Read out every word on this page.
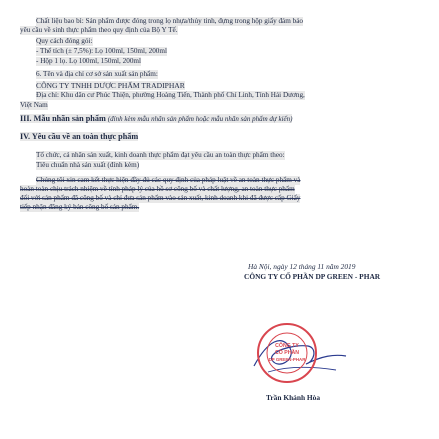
Chất liệu bao bì: Sản phẩm được đóng trong lọ nhựa/thủy tinh, đựng trong hộp giấy đảm bảo
yêu cầu về sinh thực phẩm theo quy định của Bộ Y Tế.
Quy cách đóng gói:
- Thể tích (± 7,5%): Lọ 100ml, 150ml, 200ml
- Hộp 1 lọ. Lọ 100ml, 150ml, 200ml
6. Tên và địa chỉ cơ sở sản xuất sản phẩm:
CÔNG TY TNHH DƯỢC PHẨM TRADIPHAR
Địa chỉ: Khu dân cư Phúc Thiện, phường Hoàng Tiến, Thành phố Chí Linh, Tỉnh Hải Dương,
Việt Nam
III. Mẫu nhãn sản phẩm (đính kèm mẫu nhãn sản phẩm hoặc mẫu nhãn sản phẩm dự kiến)
IV. Yêu cầu về an toàn thực phẩm
Tổ chức, cá nhân sản xuất, kinh doanh thực phẩm đạt yêu cầu an toàn thực phẩm theo:
Tiêu chuẩn nhà sản xuất (đính kèm)
Chúng tôi xin cam kết thực hiện đầy đủ các quy định của pháp luật về an toàn thực phẩm và
hoàn toàn chịu trách nhiệm về tính pháp lý của hồ sơ công bố và chất lượng, an toàn thực phẩm
đối với sản phẩm đã công bố và chỉ đưa sản phẩm vào sản xuất, kinh doanh khi đã được cấp Giấy
tiếp nhận đăng ký bản công bố sản phẩm.
Hà Nội, ngày 12 tháng 11 năm 2019
CÔNG TY CỔ PHẦN DP GREEN - PHAR
CÔNG TY
CỔ PHẦN
DP GREEN-PHAR
Trần Khánh Hòa
